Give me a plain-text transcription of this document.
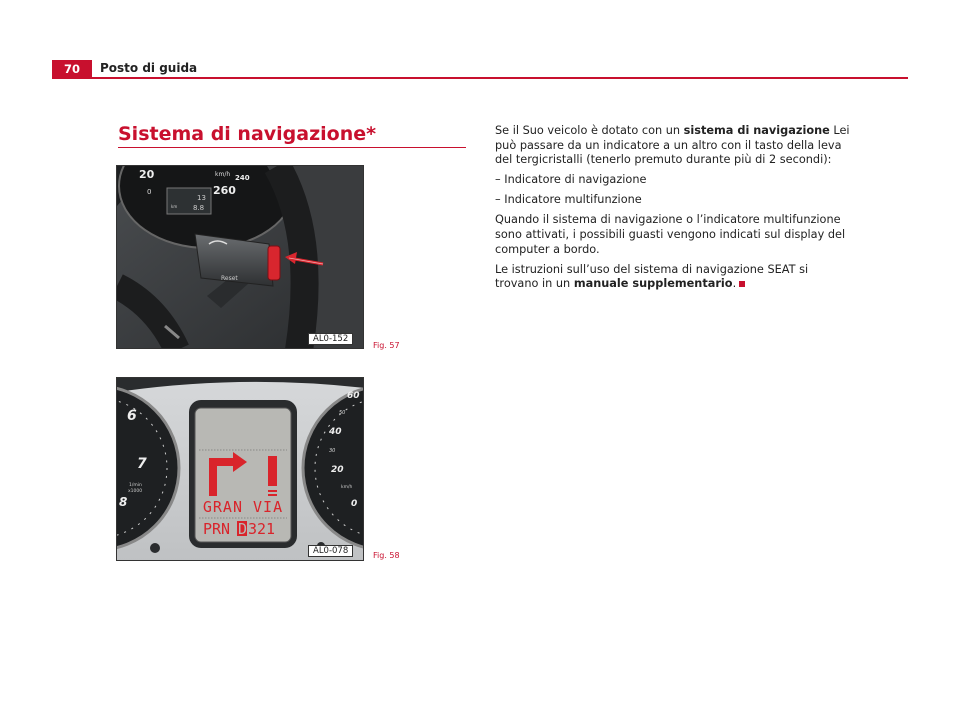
70	Posto di guida
Sistema di navigazione*
20
0
km/h 240
260
13
km 8.8
Reset
AL0-152
Fig. 57
6
7
8
1/min
x1000
60
50
40
30
20
km/h
0
GRAN VIA
PRN D 321
AL0-078	Fig. 58

Se il Suo veicolo è dotato con un sistema di navigazione Lei può passare da un indicatore a un altro con il tasto della leva del tergicristalli (tenerlo premuto durante più di 2 secondi):

– Indicatore di navigazione

– Indicatore multifunzione

Quando il sistema di navigazione o l’indicatore multifunzione sono attivati, i possibili guasti vengono indicati sul display del computer a bordo.

Le istruzioni sull’uso del sistema di navigazione SEAT si trovano in un manuale supplementario.
